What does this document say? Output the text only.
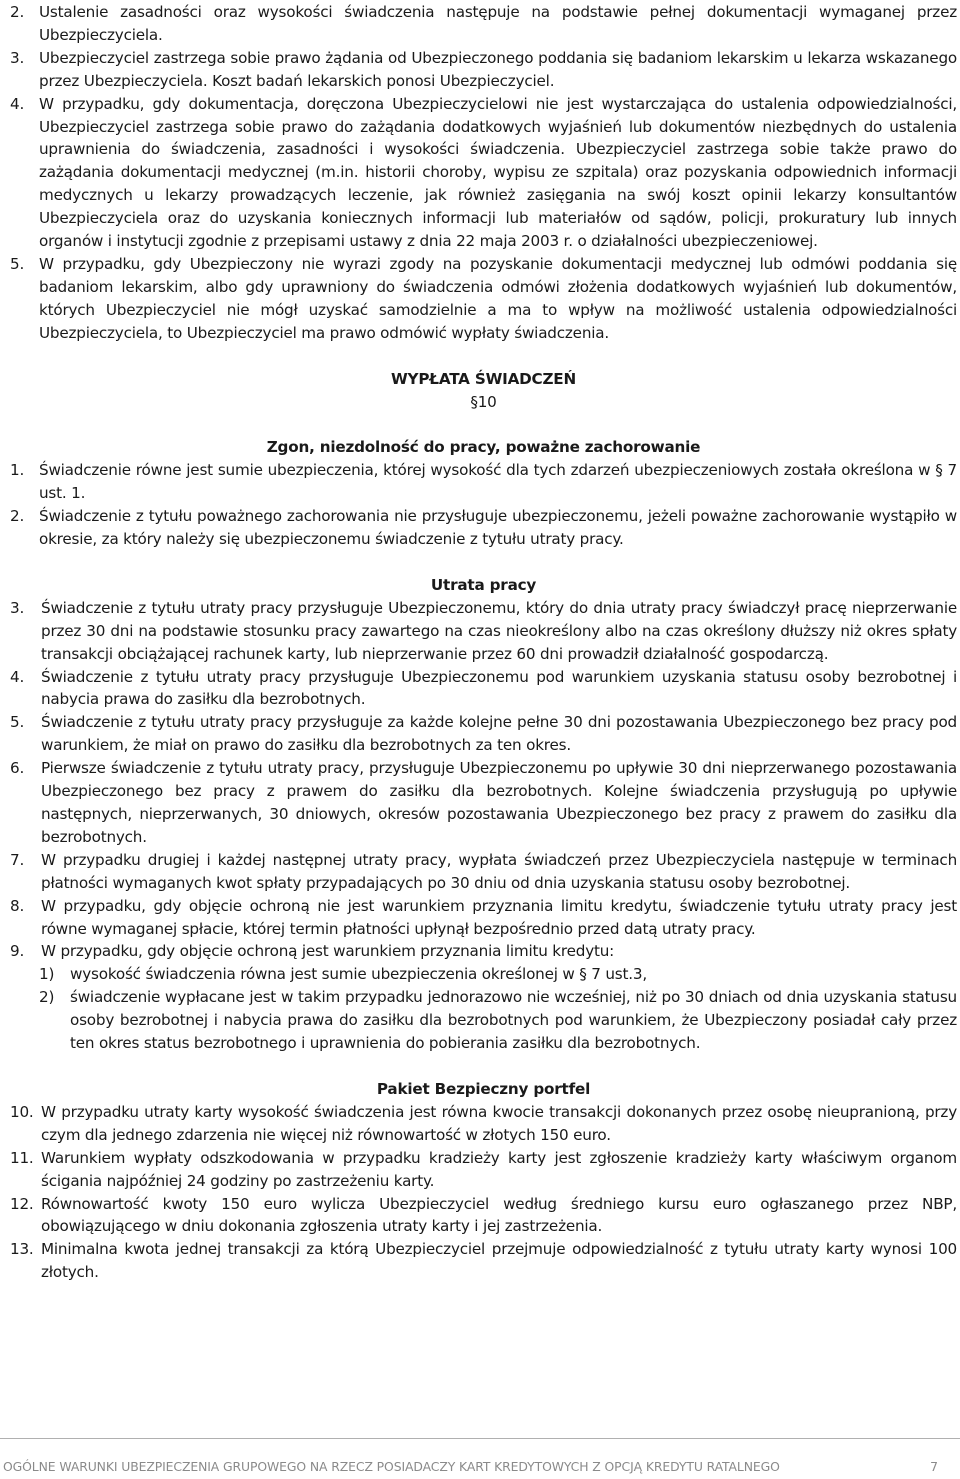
2. Ustalenie zasadności oraz wysokości świadczenia następuje na podstawie pełnej dokumentacji wymaganej przez Ubezpieczyciela.
3. Ubezpieczyciel zastrzega sobie prawo żądania od Ubezpieczonego poddania się badaniom lekarskim u lekarza wskazanego przez Ubezpieczyciela. Koszt badań lekarskich ponosi Ubezpieczyciel.
4. W przypadku, gdy dokumentacja, doręczona Ubezpieczycielowi nie jest wystarczająca do ustalenia odpowiedzialności, Ubezpieczyciel zastrzega sobie prawo do zażądania dodatkowych wyjaśnień lub dokumentów niezbędnych do ustalenia uprawnienia do świadczenia, zasadności i wysokości świadczenia. Ubezpieczyciel zastrzega sobie także prawo do zażądania dokumentacji medycznej (m.in. historii choroby, wypisu ze szpitala) oraz pozyskania odpowiednich informacji medycznych u lekarzy prowadzących leczenie, jak również zasięgania na swój koszt opinii lekarzy konsultantów Ubezpieczyciela oraz do uzyskania koniecznych informacji lub materiałów od sądów, policji, prokuratury lub innych organów i instytucji zgodnie z przepisami ustawy z dnia 22 maja 2003 r. o działalności ubezpieczeniowej.
5. W przypadku, gdy Ubezpieczony nie wyrazi zgody na pozyskanie dokumentacji medycznej lub odmówi poddania się badaniom lekarskim, albo gdy uprawniony do świadczenia odmówi złożenia dodatkowych wyjaśnień lub dokumentów, których Ubezpieczyciel nie mógł uzyskać samodzielnie a ma to wpływ na możliwość ustalenia odpowiedzialności Ubezpieczyciela, to Ubezpieczyciel ma prawo odmówić wypłaty świadczenia.
WYPŁATA ŚWIADCZEŃ
§10
Zgon, niezdolność do pracy, poważne zachorowanie
1. Świadczenie równe jest sumie ubezpieczenia, której wysokość dla tych zdarzeń ubezpieczeniowych została określona w § 7 ust. 1.
2. Świadczenie z tytułu poważnego zachorowania nie przysługuje ubezpieczonemu, jeżeli poważne zachorowanie wystąpiło w okresie, za który należy się ubezpieczonemu świadczenie z tytułu utraty pracy.
Utrata pracy
3.	Świadczenie z tytułu utraty pracy przysługuje Ubezpieczonemu, który do dnia utraty pracy świadczył pracę nieprzerwanie przez 30 dni na podstawie stosunku pracy zawartego na czas nieokreślony albo na czas określony dłuższy niż okres spłaty transakcji obciążającej rachunek karty, lub nieprzerwanie przez 60 dni prowadził działalność gospodarczą.
4.	Świadczenie z tytułu utraty pracy przysługuje Ubezpieczonemu pod warunkiem uzyskania statusu osoby bezrobotnej i nabycia prawa do zasiłku dla bezrobotnych.
5.	Świadczenie z tytułu utraty pracy przysługuje za każde kolejne pełne 30 dni pozostawania Ubezpieczonego bez pracy pod warunkiem, że miał on prawo do zasiłku dla bezrobotnych za ten okres.
6.	Pierwsze świadczenie z tytułu utraty pracy, przysługuje Ubezpieczonemu po upływie 30 dni nieprzerwanego pozostawania Ubezpieczonego bez pracy z prawem do zasiłku dla bezrobotnych. Kolejne świadczenia przysługują po upływie następnych, nieprzerwanych, 30 dniowych, okresów pozostawania Ubezpieczonego bez pracy z prawem do zasiłku dla bezrobotnych.
7.	W przypadku drugiej i każdej następnej utraty pracy, wypłata świadczeń przez Ubezpieczyciela następuje w terminach płatności wymaganych kwot spłaty przypadających po 30 dniu od dnia uzyskania statusu osoby bezrobotnej.
8.	W przypadku, gdy objęcie ochroną nie jest warunkiem przyznania limitu kredytu, świadczenie tytułu utraty pracy jest równe wymaganej spłacie, której termin płatności upłynął bezpośrednio przed datą utraty pracy.
9.	W przypadku, gdy objęcie ochroną jest warunkiem przyznania limitu kredytu:
1)	wysokość świadczenia równa jest sumie ubezpieczenia określonej w § 7 ust.3,
2)	świadczenie wypłacane jest w takim przypadku jednorazowo nie wcześniej, niż po 30 dniach od dnia uzyskania statusu osoby bezrobotnej i nabycia prawa do zasiłku dla bezrobotnych pod warunkiem, że Ubezpieczony posiadał cały przez ten okres status bezrobotnego i uprawnienia do pobierania zasiłku dla bezrobotnych.
Pakiet Bezpieczny portfel
10. W przypadku utraty karty wysokość świadczenia jest równa kwocie transakcji dokonanych przez osobę nieupranioną, przy czym dla jednego zdarzenia nie więcej niż równowartość w złotych 150 euro.
11. Warunkiem wypłaty odszkodowania w przypadku kradzieży karty jest zgłoszenie kradzieży karty właściwym organom ścigania najpóźniej 24 godziny po zastrzeżeniu karty.
12. Równowartość kwoty 150 euro wylicza Ubezpieczyciel według średniego kursu euro ogłaszanego przez NBP, obowiązującego w dniu dokonania zgłoszenia utraty karty i jej zastrzeżenia.
13. Minimalna kwota jednej transakcji za którą Ubezpieczyciel przejmuje odpowiedzialność z tytułu utraty karty wynosi 100 złotych.
OGÓLNE WARUNKI UBEZPIECZENIA GRUPOWEGO NA RZECZ POSIADACZY KART KREDYTOWYCH Z OPCJĄ KREDYTU RATALNEGO	7
